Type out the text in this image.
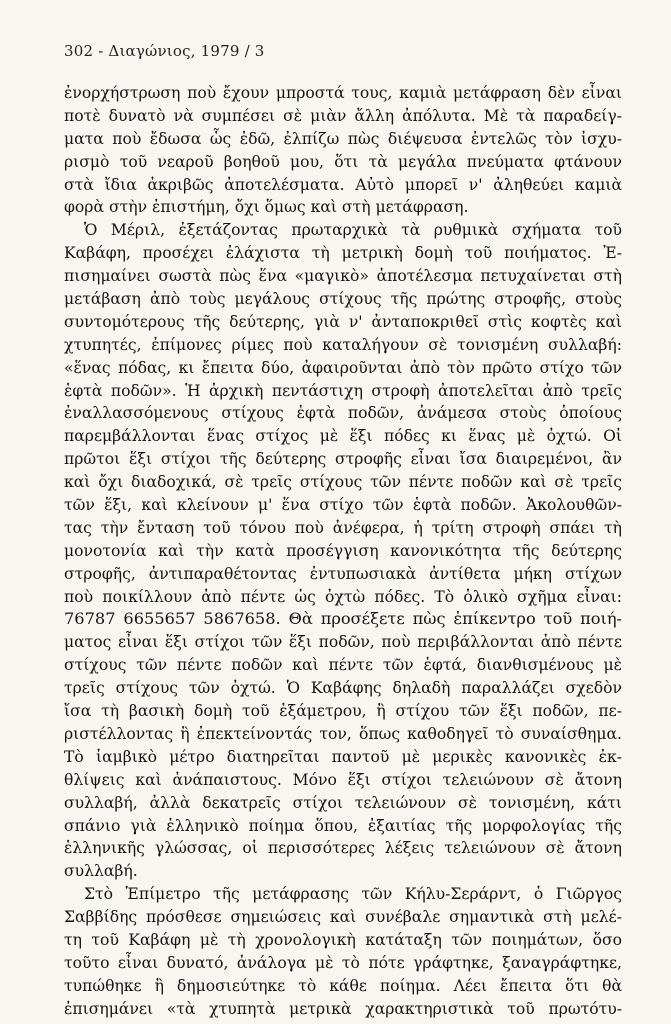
302 - Διαγώνιος, 1979 / 3
ἐνορχήστρωση ποὺ ἔχουν μπροστά τους, καμιὰ μετάφραση δὲν εἶναι
ποτὲ δυνατὸ νὰ συμπέσει σὲ μιὰν ἄλλη ἀπόλυτα. Μὲ τὰ παραδείγ-
ματα ποὺ ἔδωσα ὧς ἐδῶ, ἐλπίζω πὼς διέψευσα ἐντελῶς τὸν ἰσχυ-
ρισμὸ τοῦ νεαροῦ βοηθοῦ μου, ὅτι τὰ μεγάλα πνεύματα φτάνουν
στὰ ἴδια ἀκριβῶς ἀποτελέσματα. Αὐτὸ μπορεῖ ν' ἀληθεύει καμιὰ
φορὰ στὴν ἐπιστήμη, ὄχι ὅμως καὶ στὴ μετάφραση.
Ὁ Μέριλ, ἐξετάζοντας πρωταρχικὰ τὰ ρυθμικὰ σχήματα τοῦ
Καβάφη, προσέχει ἐλάχιστα τὴ μετρικὴ δομὴ τοῦ ποιήματος. Ἐ-
πισημαίνει σωστὰ πὼς ἕνα «μαγικὸ» ἀποτέλεσμα πετυχαίνεται στὴ
μετάβαση ἀπὸ τοὺς μεγάλους στίχους τῆς πρώτης στροφῆς, στοὺς
συντομότερους τῆς δεύτερης, γιὰ ν' ἀνταποκριθεῖ στὶς κοφτὲς καὶ
χτυπητές, ἐπίμονες ρίμες ποὺ καταλήγουν σὲ τονισμένη συλλαβή:
«ἕνας πόδας, κι ἔπειτα δύο, ἀφαιροῦνται ἀπὸ τὸν πρῶτο στίχο τῶν
ἑφτὰ ποδῶν». Ἡ ἀρχικὴ πεντάστιχη στροφὴ ἀποτελεῖται ἀπὸ τρεῖς
ἐναλλασσόμενους στίχους ἑφτὰ ποδῶν, ἀνάμεσα στοὺς ὁποίους
παρεμβάλλονται ἕνας στίχος μὲ ἕξι πόδες κι ἕνας μὲ ὀχτώ. Οἱ
πρῶτοι ἕξι στίχοι τῆς δεύτερης στροφῆς εἶναι ἴσα διαιρεμένοι, ἂν
καὶ ὄχι διαδοχικά, σὲ τρεῖς στίχους τῶν πέντε ποδῶν καὶ σὲ τρεῖς
τῶν ἕξι, καὶ κλείνουν μ' ἕνα στίχο τῶν ἑφτὰ ποδῶν. Ἀκολουθῶν-
τας τὴν ἔνταση τοῦ τόνου ποὺ ἀνέφερα, ἡ τρίτη στροφὴ σπάει τὴ
μονοτονία καὶ τὴν κατὰ προσέγγιση κανονικότητα τῆς δεύτερης
στροφῆς, ἀντιπαραθέτοντας ἐντυπωσιακὰ ἀντίθετα μήκη στίχων
ποὺ ποικίλλουν ἀπὸ πέντε ὡς ὀχτὼ πόδες. Τὸ ὁλικὸ σχῆμα εἶναι:
76787 6655657 5867658. Θὰ προσέξετε πὼς ἐπίκεντρο τοῦ ποιή-
ματος εἶναι ἕξι στίχοι τῶν ἕξι ποδῶν, ποὺ περιβάλλονται ἀπὸ πέντε
στίχους τῶν πέντε ποδῶν καὶ πέντε τῶν ἑφτά, διανθισμένους μὲ
τρεῖς στίχους τῶν ὀχτώ. Ὁ Καβάφης δηλαδὴ παραλλάζει σχεδὸν
ἴσα τὴ βασικὴ δομὴ τοῦ ἑξάμετρου, ἢ στίχου τῶν ἕξι ποδῶν, πε-
ριστέλλοντας ἢ ἐπεκτείνοντάς τον, ὅπως καθοδηγεῖ τὸ συναίσθημα.
Τὸ ἰαμβικὸ μέτρο διατηρεῖται παντοῦ μὲ μερικὲς κανονικὲς ἐκ-
θλίψεις καὶ ἀνάπαιστους. Μόνο ἕξι στίχοι τελειώνουν σὲ ἄτονη
συλλαβή, ἀλλὰ δεκατρεῖς στίχοι τελειώνουν σὲ τονισμένη, κάτι
σπάνιο γιὰ ἑλληνικὸ ποίημα ὅπου, ἐξαιτίας τῆς μορφολογίας τῆς
ἑλληνικῆς γλώσσας, οἱ περισσότερες λέξεις τελειώνουν σὲ ἄτονη
συλλαβή.
Στὸ Ἐπίμετρο τῆς μετάφρασης τῶν Κήλυ-Σεράρντ, ὁ Γιῶργος
Σαββίδης πρόσθεσε σημειώσεις καὶ συνέβαλε σημαντικὰ στὴ μελέ-
τη τοῦ Καβάφη μὲ τὴ χρονολογικὴ κατάταξη τῶν ποιημάτων, ὅσο
τοῦτο εἶναι δυνατό, ἀνάλογα μὲ τὸ πότε γράφτηκε, ξαναγράφτηκε,
τυπώθηκε ἢ δημοσιεύτηκε τὸ κάθε ποίημα. Λέει ἔπειτα ὅτι θὰ
ἐπισημάνει «τὰ χτυπητὰ μετρικὰ χαρακτηριστικὰ τοῦ πρωτότυ-
